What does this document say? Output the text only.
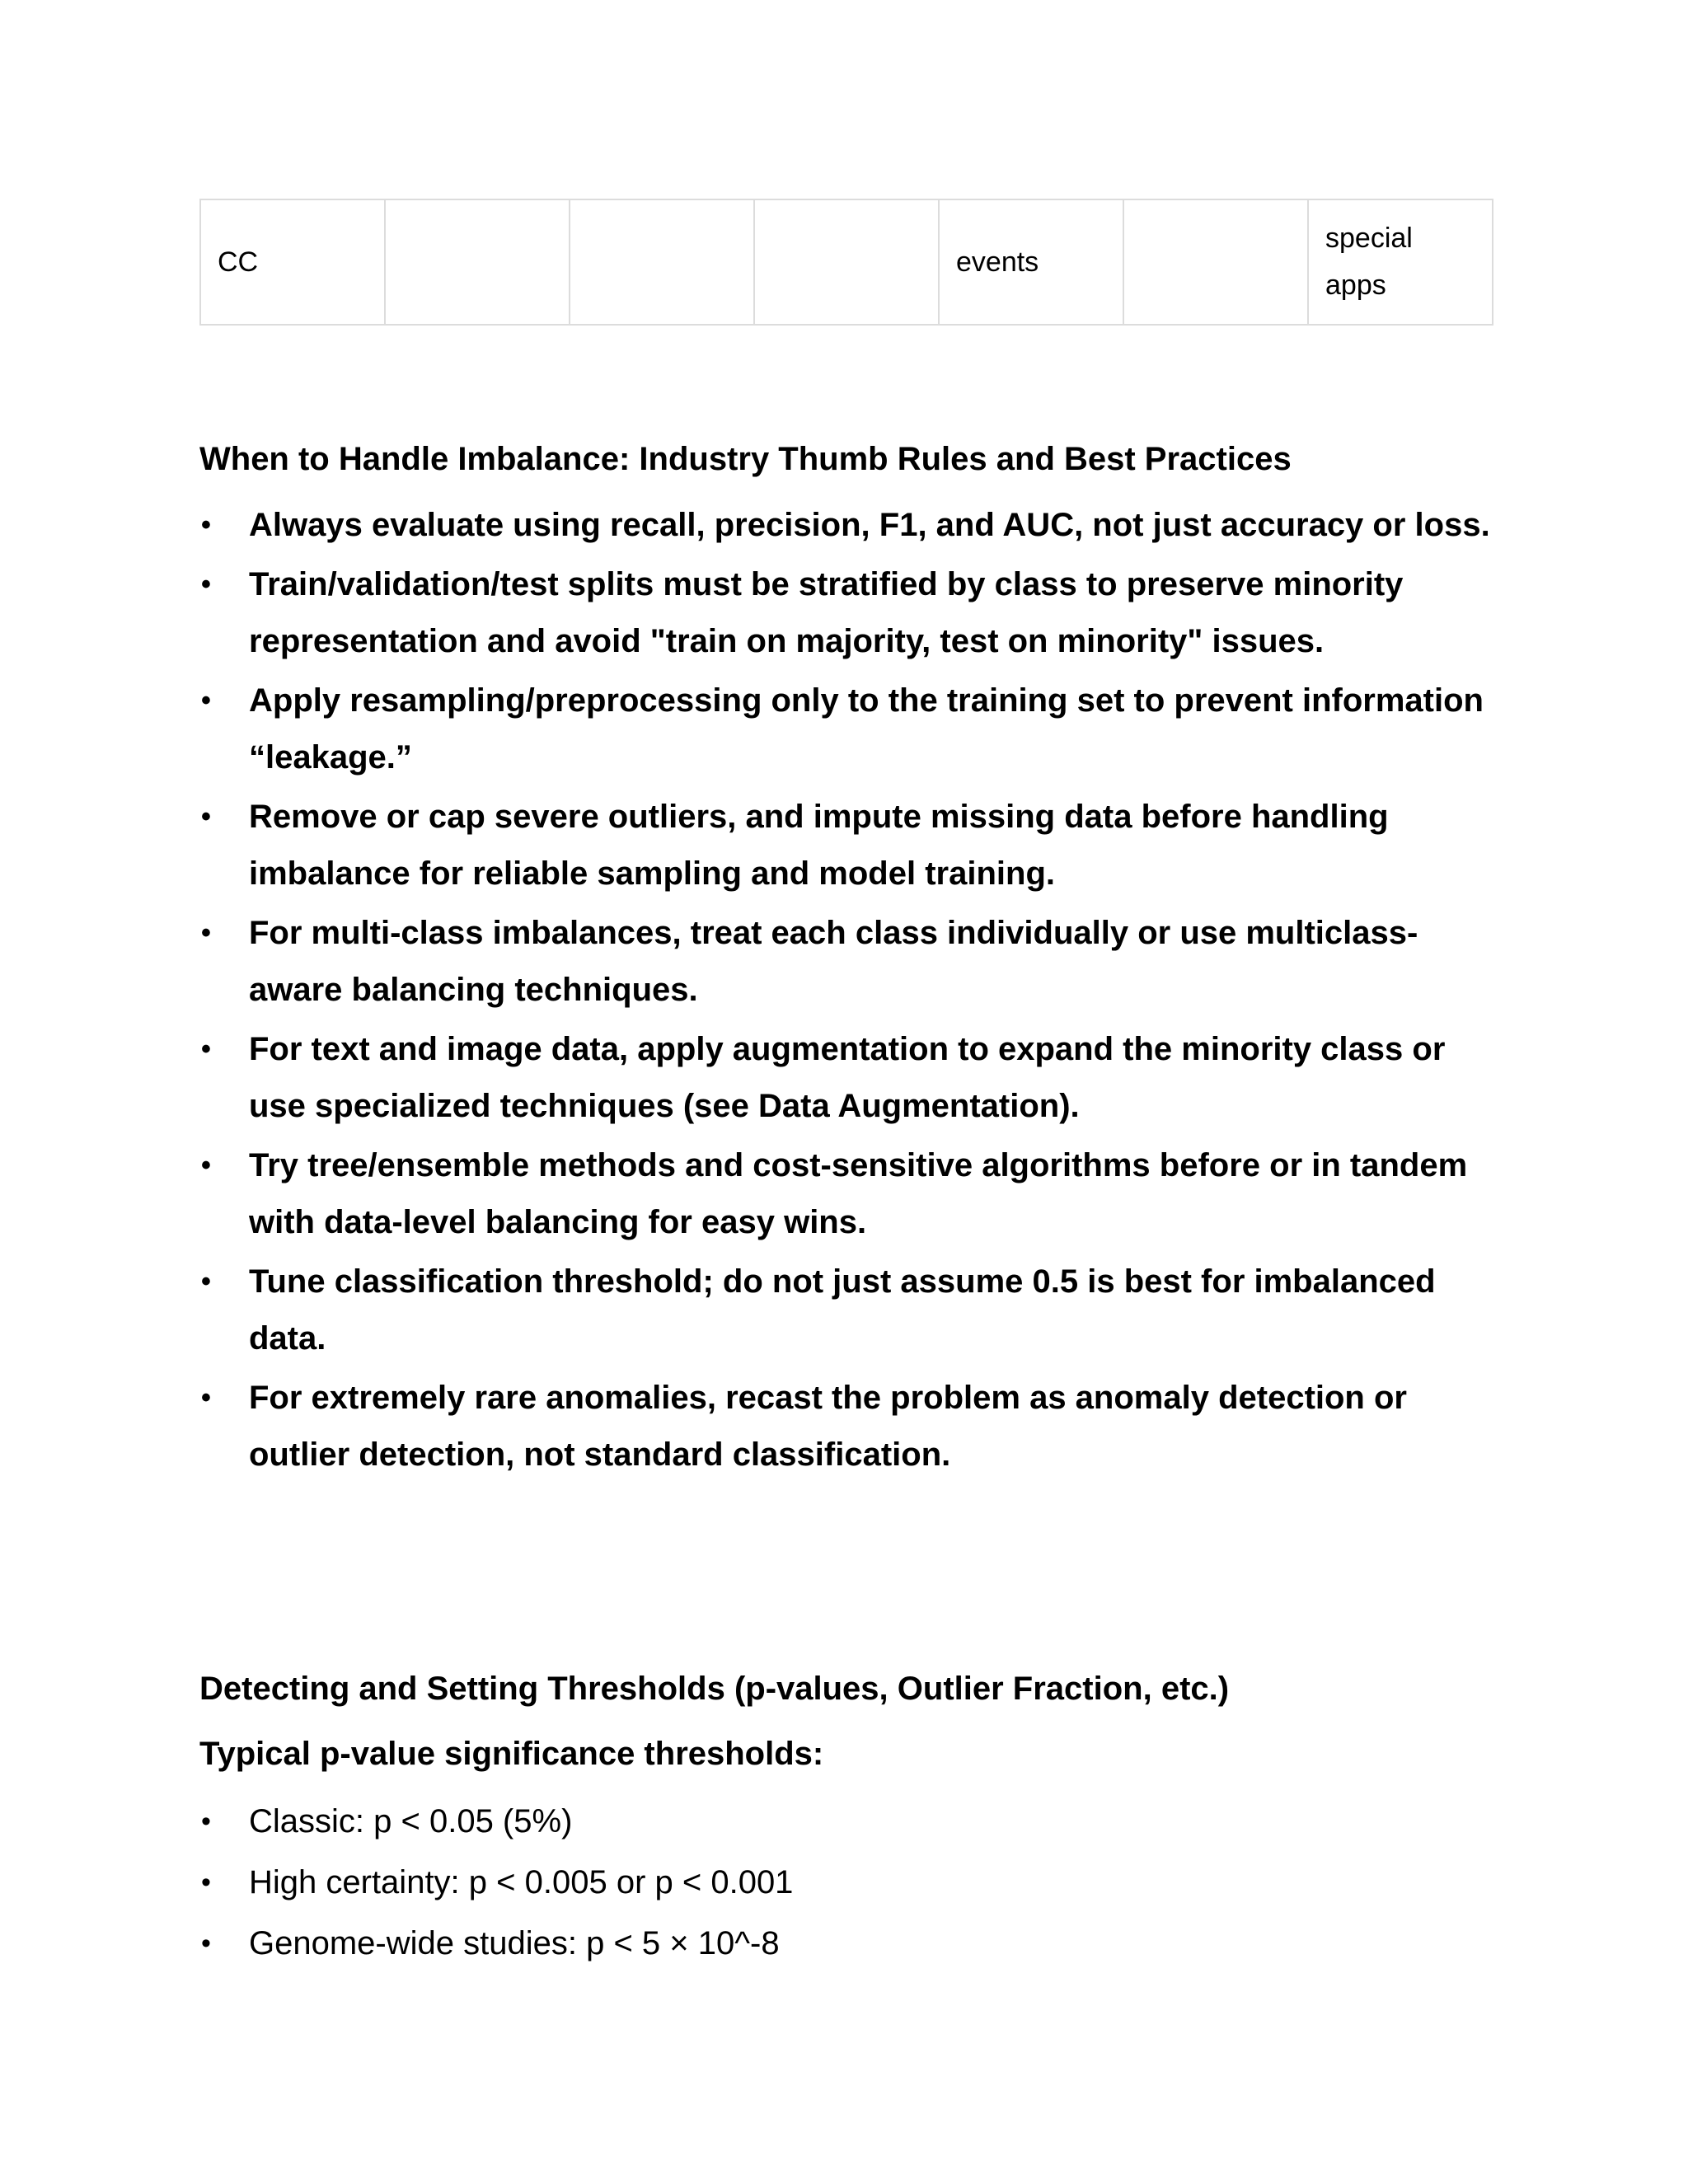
CC				events		special apps
When to Handle Imbalance: Industry Thumb Rules and Best Practices
• Always evaluate using recall, precision, F1, and AUC, not just accuracy or loss.
• Train/validation/test splits must be stratified by class to preserve minority representation and avoid "train on majority, test on minority" issues.
• Apply resampling/preprocessing only to the training set to prevent information “leakage.”
• Remove or cap severe outliers, and impute missing data before handling imbalance for reliable sampling and model training.
• For multi-class imbalances, treat each class individually or use multiclass-aware balancing techniques.
• For text and image data, apply augmentation to expand the minority class or use specialized techniques (see Data Augmentation).
• Try tree/ensemble methods and cost-sensitive algorithms before or in tandem with data-level balancing for easy wins.
• Tune classification threshold; do not just assume 0.5 is best for imbalanced data.
• For extremely rare anomalies, recast the problem as anomaly detection or outlier detection, not standard classification.
Detecting and Setting Thresholds (p-values, Outlier Fraction, etc.)
Typical p-value significance thresholds:
• Classic: p < 0.05 (5%)
• High certainty: p < 0.005 or p < 0.001
• Genome-wide studies: p < 5 × 10^-8
